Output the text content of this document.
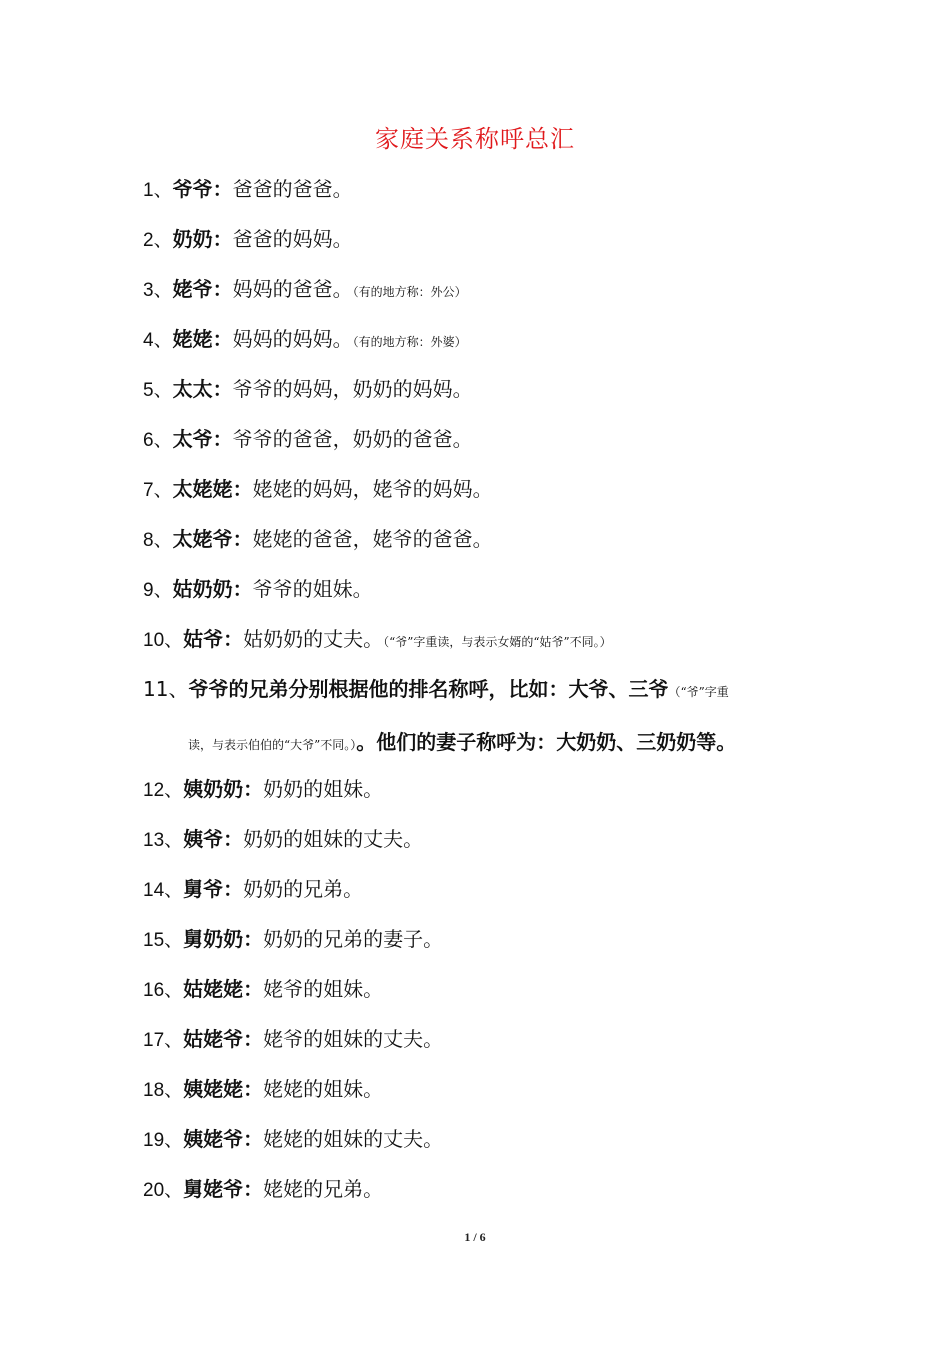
家庭关系称呼总汇
1、爷爷：爸爸的爸爸。
2、奶奶：爸爸的妈妈。
3、姥爷：妈妈的爸爸。（有的地方称：外公）
4、姥姥：妈妈的妈妈。（有的地方称：外婆）
5、太太：爷爷的妈妈，奶奶的妈妈。
6、太爷：爷爷的爸爸，奶奶的爸爸。
7、太姥姥：姥姥的妈妈，姥爷的妈妈。
8、太姥爷：姥姥的爸爸，姥爷的爸爸。
9、姑奶奶：爷爷的姐妹。
10、姑爷：姑奶奶的丈夫。（“爷”字重读，与表示女婿的“姑爷”不同。）
11、爷爷的兄弟分别根据他的排名称呼，比如：大爷、三爷（“爷”字重
读，与表示伯伯的“大爷”不同。）。他们的妻子称呼为：大奶奶、三奶奶等。
12、姨奶奶：奶奶的姐妹。
13、姨爷：奶奶的姐妹的丈夫。
14、舅爷：奶奶的兄弟。
15、舅奶奶：奶奶的兄弟的妻子。
16、姑姥姥：姥爷的姐妹。
17、姑姥爷：姥爷的姐妹的丈夫。
18、姨姥姥：姥姥的姐妹。
19、姨姥爷：姥姥的姐妹的丈夫。
20、舅姥爷：姥姥的兄弟。
1 / 6
